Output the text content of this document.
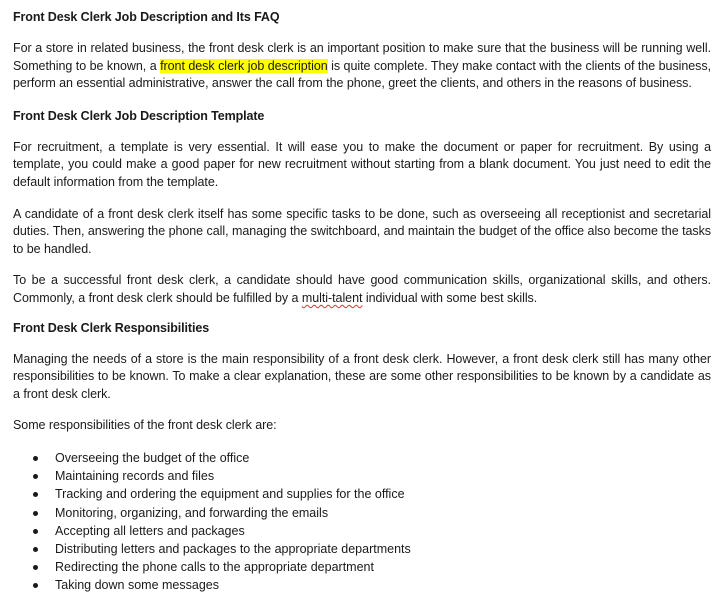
Front Desk Clerk Job Description and Its FAQ

For a store in related business, the front desk clerk is an important position to make sure that the business will be running well. Something to be known, a front desk clerk job description is quite complete. They make contact with the clients of the business, perform an essential administrative, answer the call from the phone, greet the clients, and others in the reasons of business.

Front Desk Clerk Job Description Template

For recruitment, a template is very essential. It will ease you to make the document or paper for recruitment. By using a template, you could make a good paper for new recruitment without starting from a blank document. You just need to edit the default information from the template.

A candidate of a front desk clerk itself has some specific tasks to be done, such as overseeing all receptionist and secretarial duties. Then, answering the phone call, managing the switchboard, and maintain the budget of the office also become the tasks to be handled.

To be a successful front desk clerk, a candidate should have good communication skills, organizational skills, and others. Commonly, a front desk clerk should be fulfilled by a multi-talent individual with some best skills.

Front Desk Clerk Responsibilities

Managing the needs of a store is the main responsibility of a front desk clerk. However, a front desk clerk still has many other responsibilities to be known. To make a clear explanation, these are some other responsibilities to be known by a candidate as a front desk clerk.

Some responsibilities of the front desk clerk are:

Overseeing the budget of the office
Maintaining records and files
Tracking and ordering the equipment and supplies for the office
Monitoring, organizing, and forwarding the emails
Accepting all letters and packages
Distributing letters and packages to the appropriate departments
Redirecting the phone calls to the appropriate department
Taking down some messages
